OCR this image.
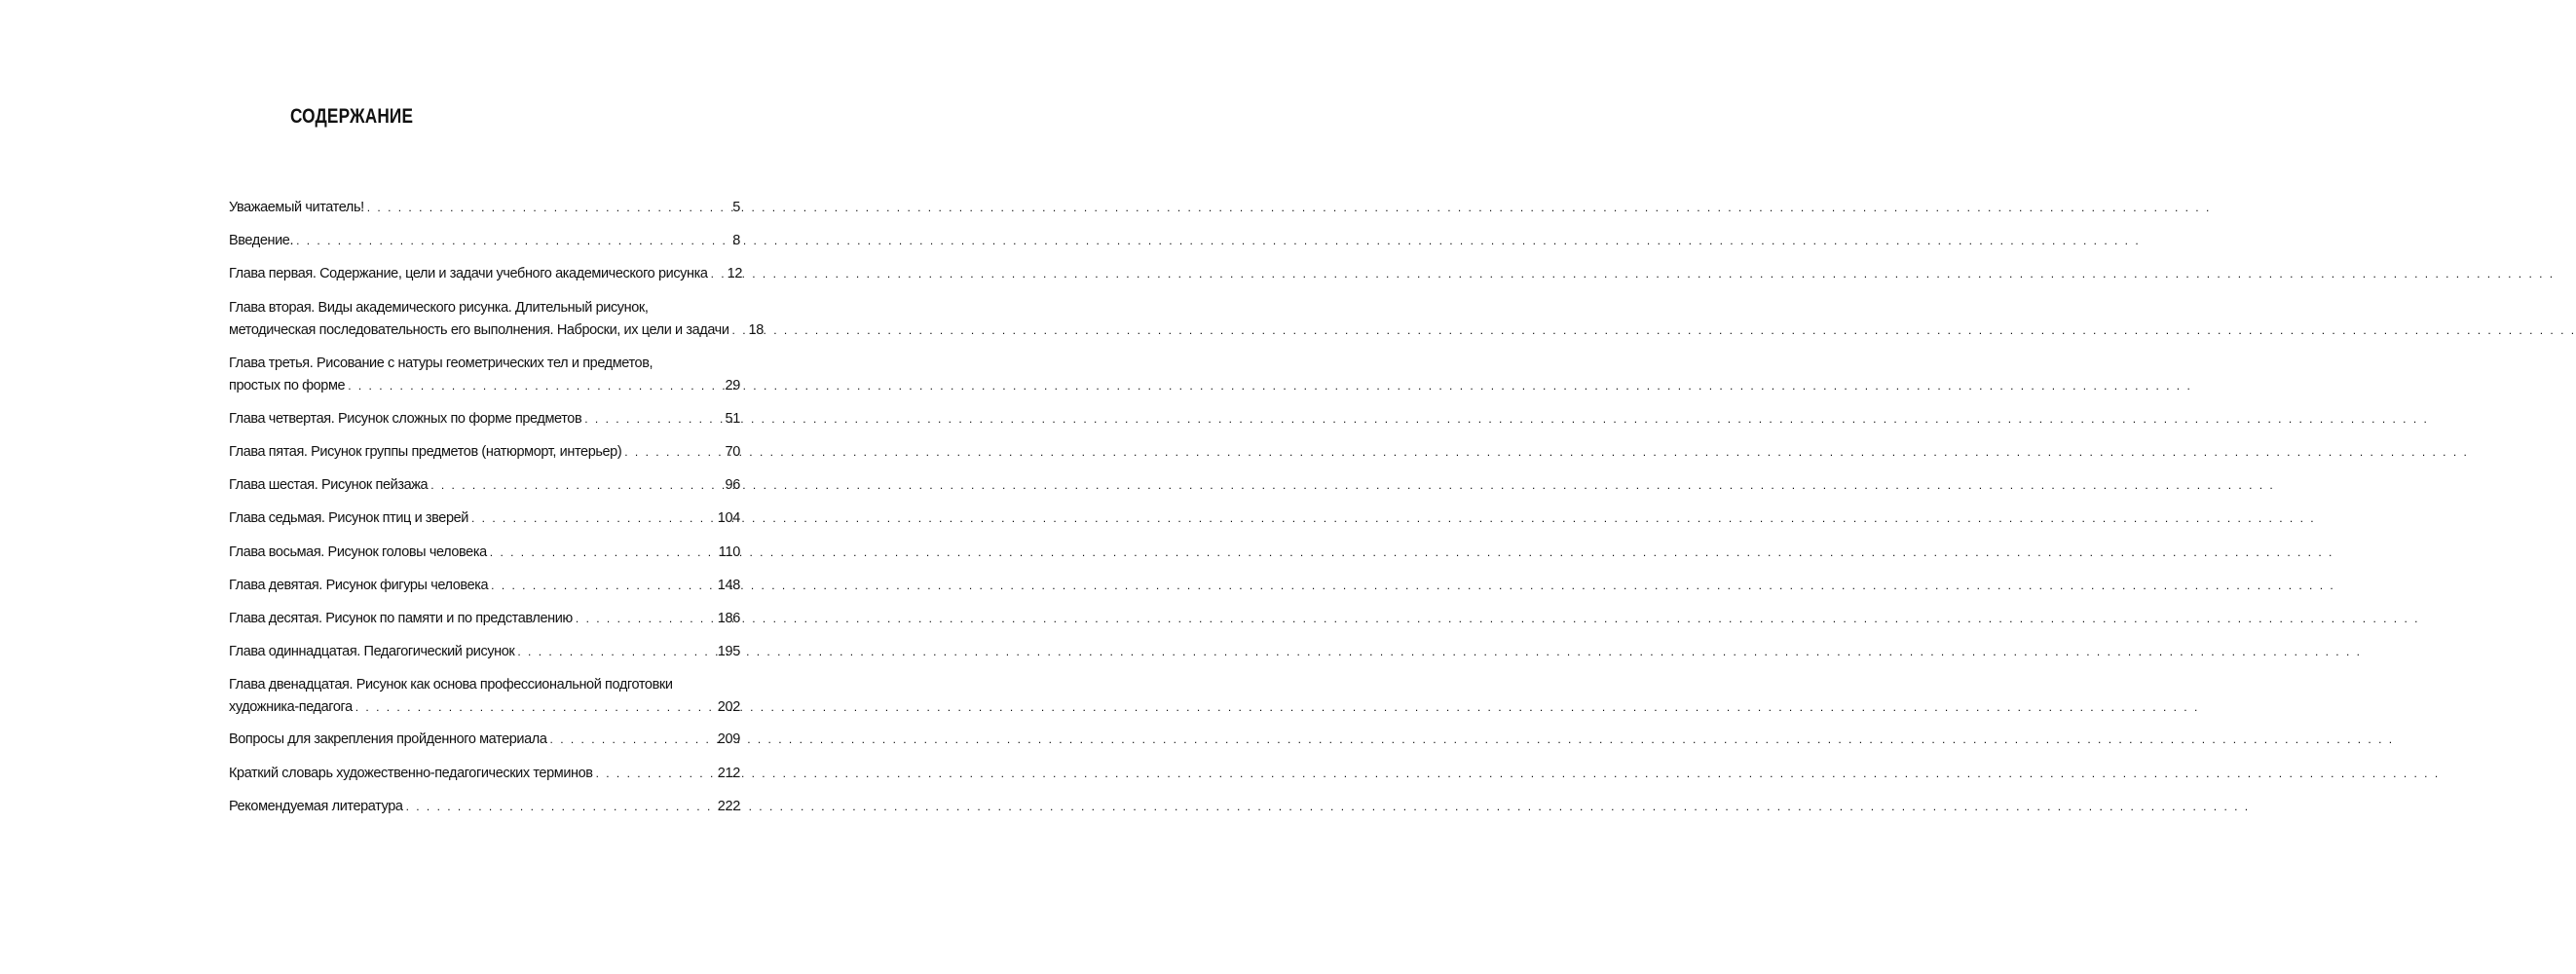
СОДЕРЖАНИЕ
Уважаемый читатель! . . .	5
Введение. . . .	8
Глава первая. Содержание, цели и задачи учебного академического рисунка . . . 12
Глава вторая. Виды академического рисунка. Длительный рисунок,
методическая последовательность его выполнения. Наброски, их цели и задачи . . . 18
Глава третья. Рисование с натуры геометрических тел и предметов,
простых по форме . . .	29
Глава четвертая. Рисунок сложных по форме предметов . . .	51
Глава пятая. Рисунок группы предметов (натюрморт, интерьер) . . .	70
Глава шестая. Рисунок пейзажа . . .	96
Глава седьмая. Рисунок птиц и зверей . . .	104
Глава восьмая. Рисунок головы человека . . .	110
Глава девятая. Рисунок фигуры человека . . .	148
Глава десятая. Рисунок по памяти и по представлению . . .	186
Глава одиннадцатая. Педагогический рисунок . . .	195
Глава двенадцатая. Рисунок как основа профессиональной подготовки
художника-педагога . . .	202
Вопросы для закрепления пройденного материала . . .	209
Краткий словарь художественно-педагогических терминов . . .	212
Рекомендуемая литература . . .	222
